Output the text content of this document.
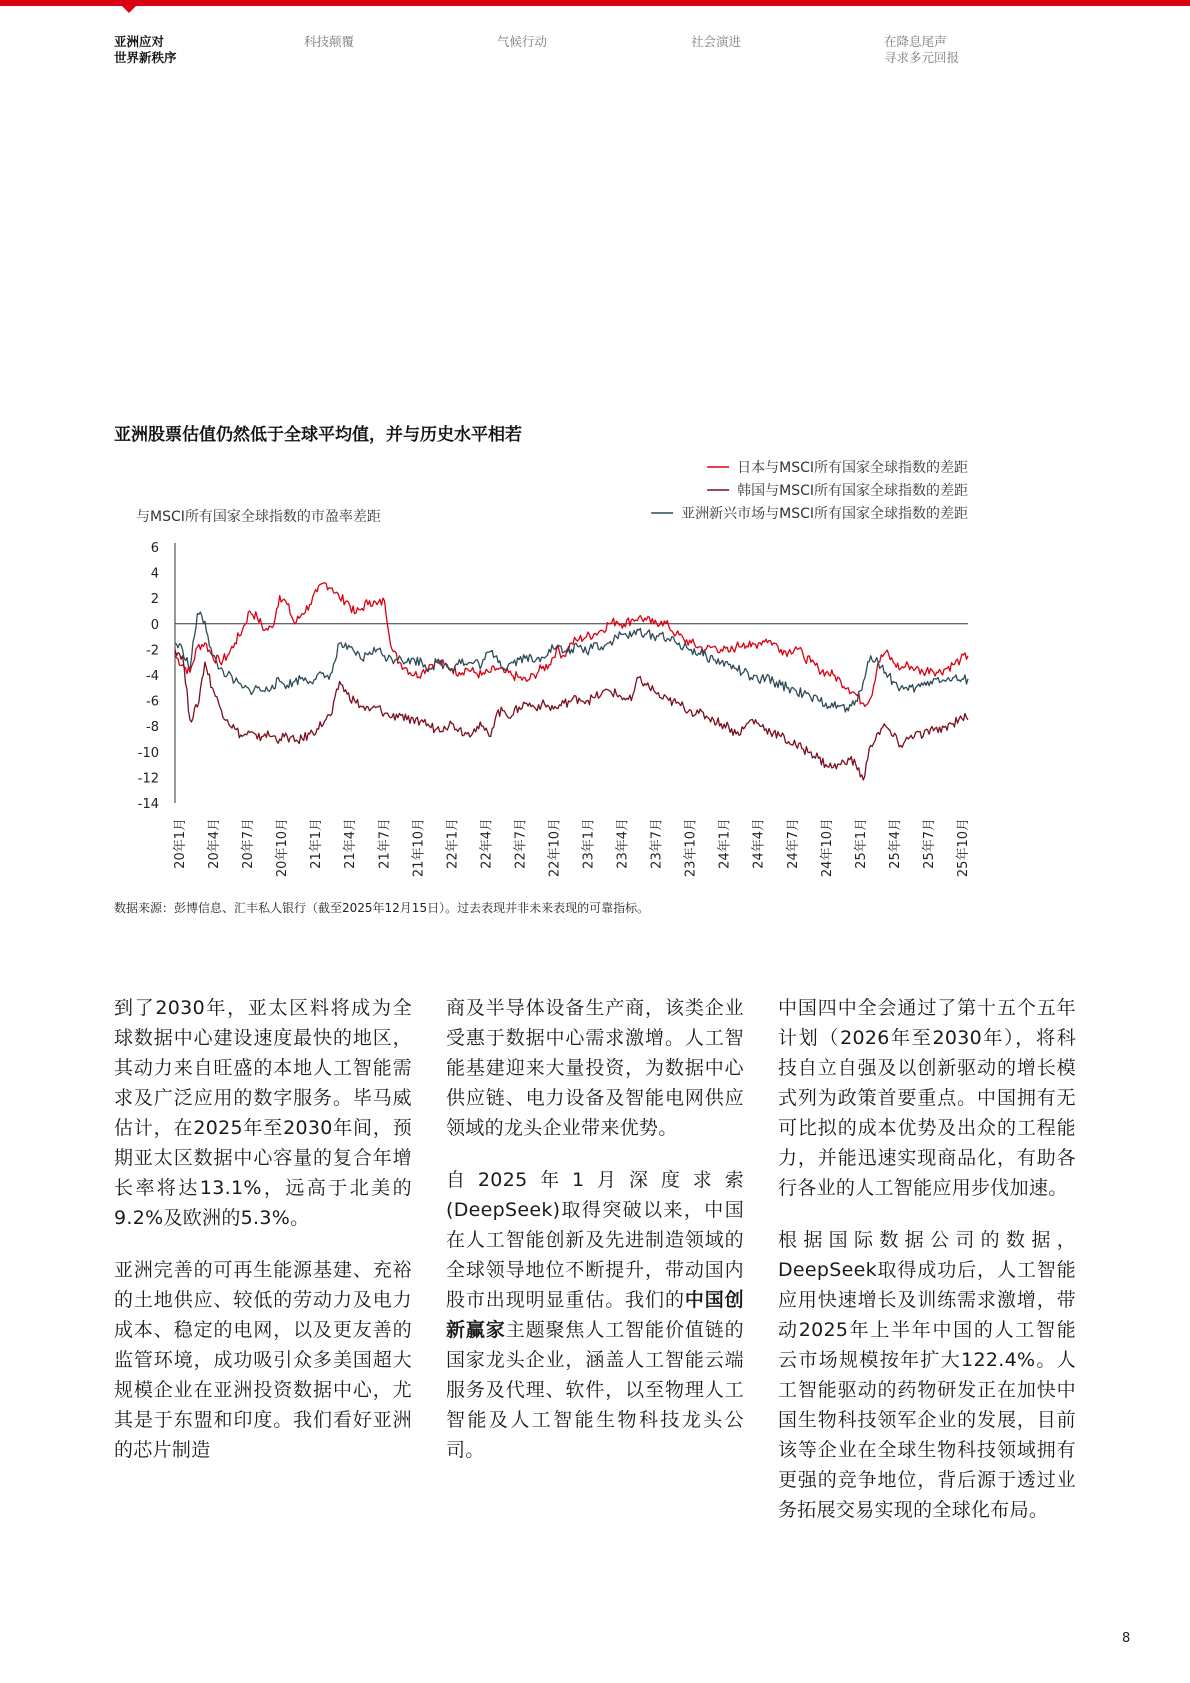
亚洲应对
世界新秩序
科技颠覆	气候行动	社会演进	在降息尾声
寻求多元回报
亚洲股票估值仍然低于全球平均值，并与历史水平相若
与MSCI所有国家全球指数的市盈率差距
日本与MSCI所有国家全球指数的差距
韩国与MSCI所有国家全球指数的差距
亚洲新兴市场与MSCI所有国家全球指数的差距
6
4
2
0
-2
-4
-6
-8
-10
-12
-14
20年1月 20年4月 20年7月 20年10月 21年1月 21年4月 21年7月 21年10月 22年1月 22年4月 22年7月 22年10月 23年1月 23年4月 23年7月 23年10月 24年1月 24年4月 24年7月 24年10月 25年1月 25年4月 25年7月 25年10月
数据来源：彭博信息、汇丰私人银行（截至2025年12月15日）。过去表现并非未来表现的可靠指标。

到了2030年，亚太区料将成为全球数据中心建设速度最快的地区，其动力来自旺盛的本地人工智能需求及广泛应用的数字服务。毕马威估计，在2025年至2030年间，预期亚太区数据中心容量的复合年增长率将达13.1%，远高于北美的9.2%及欧洲的5.3%。

亚洲完善的可再生能源基建、充裕的土地供应、较低的劳动力及电力成本、稳定的电网，以及更友善的监管环境，成功吸引众多美国超大规模企业在亚洲投资数据中心，尤其是于东盟和印度。我们看好亚洲的芯片制造

商及半导体设备生产商，该类企业受惠于数据中心需求激增。人工智能基建迎来大量投资，为数据中心供应链、电力设备及智能电网供应领域的龙头企业带来优势。

自2025年1月深度求索(DeepSeek)取得突破以来，中国在人工智能创新及先进制造领域的全球领导地位不断提升，带动国内股市出现明显重估。我们的中国创新赢家主题聚焦人工智能价值链的国家龙头企业，涵盖人工智能云端服务及代理、软件，以至物理人工智能及人工智能生物科技龙头公司。

中国四中全会通过了第十五个五年计划（2026年至2030年），将科技自立自强及以创新驱动的增长模式列为政策首要重点。中国拥有无可比拟的成本优势及出众的工程能力，并能迅速实现商品化，有助各行各业的人工智能应用步伐加速。

根据国际数据公司的数据，DeepSeek取得成功后，人工智能应用快速增长及训练需求激增，带动2025年上半年中国的人工智能云市场规模按年扩大122.4%。人工智能驱动的药物研发正在加快中国生物科技领军企业的发展，目前该等企业在全球生物科技领域拥有更强的竞争地位，背后源于透过业务拓展交易实现的全球化布局。

8
